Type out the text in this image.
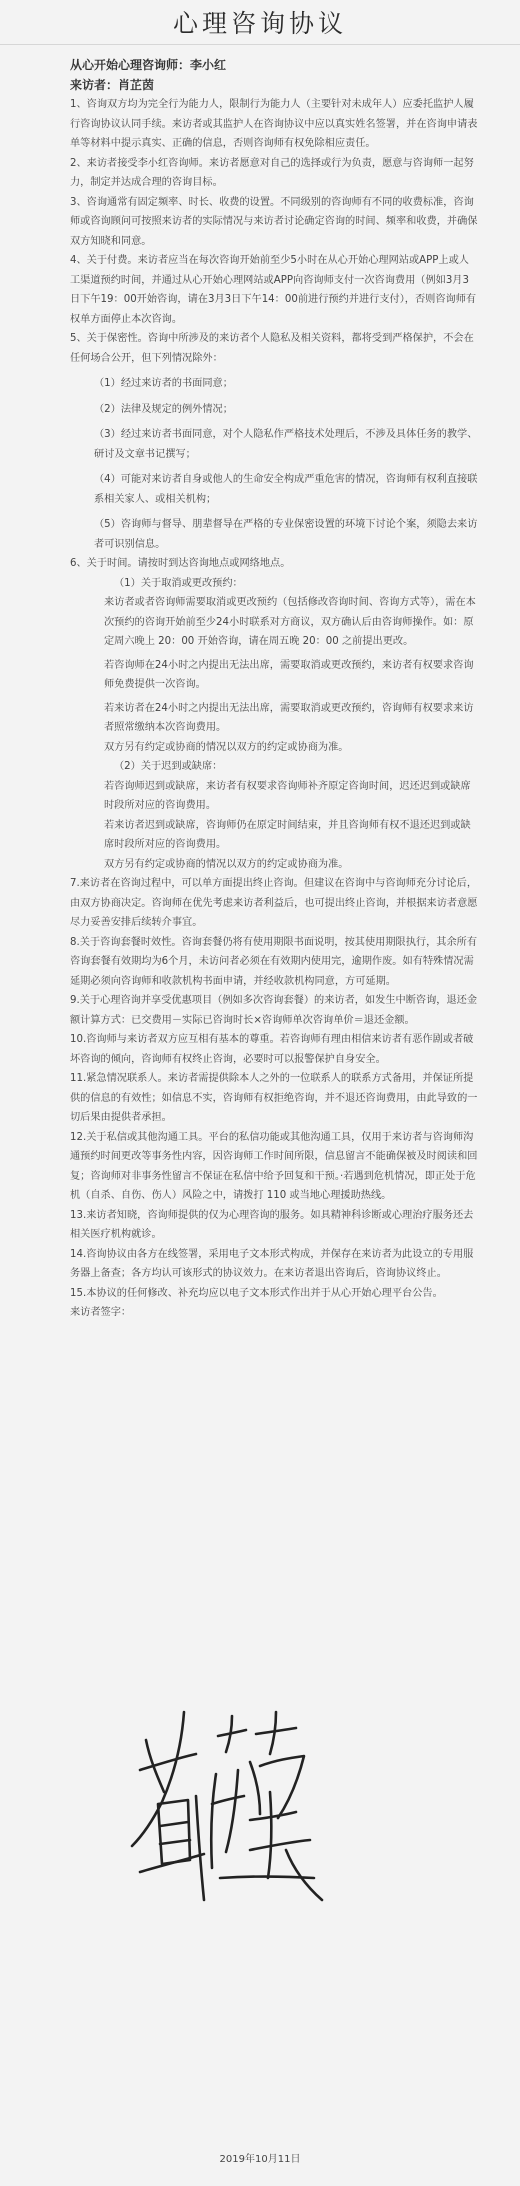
心理咨询协议

从心开始心理咨询师：李小红

来访者：肖芷茵

1、咨询双方均为完全行为能力人，限制行为能力人（主要针对未成年人）应委托监护人履行咨询协议认同手续。来访者或其监护人在咨询协议中应以真实姓名签署，并在咨询申请表单等材料中提示真实、正确的信息，否则咨询师有权免除相应责任。

2、来访者接受李小红咨询师。来访者愿意对自己的选择或行为负责，愿意与咨询师一起努力，制定并达成合理的咨询目标。

3、咨询通常有固定频率、时长、收费的设置。不同级别的咨询师有不同的收费标准，咨询师或咨询顾问可按照来访者的实际情况与来访者讨论确定咨询的时间、频率和收费，并确保双方知晓和同意。

4、关于付费。来访者应当在每次咨询开始前至少5小时在从心开始心理网站或APP上或人工渠道预约时间，并通过从心开始心理网站或APP向咨询师支付一次咨询费用（例如3月3日下午19：00开始咨询，请在3月3日下午14：00前进行预约并进行支付），否则咨询师有权单方面停止本次咨询。

5、关于保密性。咨询中所涉及的来访者个人隐私及相关资料，都将受到严格保护，不会在任何场合公开，但下列情况除外：

（1）经过来访者的书面同意；

（2）法律及规定的例外情况；

（3）经过来访者书面同意，对个人隐私作严格技术处理后，不涉及具体任务的教学、研讨及文章书记撰写；

（4）可能对来访者自身或他人的生命安全构成严重危害的情况，咨询师有权利直接联系相关家人、或相关机构；

（5）咨询师与督导、朋辈督导在严格的专业保密设置的环境下讨论个案，须隐去来访者可识别信息。

6、关于时间。请按时到达咨询地点或网络地点。

（1）关于取消或更改预约：

来访者或者咨询师需要取消或更改预约（包括修改咨询时间、咨询方式等），需在本次预约的咨询开始前至少24小时联系对方商议，双方确认后由咨询师操作。如：原定周六晚上 20：00 开始咨询，请在周五晚 20：00 之前提出更改。

若咨询师在24小时之内提出无法出席，需要取消或更改预约，来访者有权要求咨询师免费提供一次咨询。

若来访者在24小时之内提出无法出席，需要取消或更改预约，咨询师有权要求来访者照常缴纳本次咨询费用。

双方另有约定或协商的情况以双方的约定或协商为准。

（2）关于迟到或缺席：

若咨询师迟到或缺席，来访者有权要求咨询师补齐原定咨询时间，迟还迟到或缺席时段所对应的咨询费用。

若来访者迟到或缺席，咨询师仍在原定时间结束，并且咨询师有权不退还迟到或缺席时段所对应的咨询费用。

双方另有约定或协商的情况以双方的约定或协商为准。

7.来访者在咨询过程中，可以单方面提出终止咨询。但建议在咨询中与咨询师充分讨论后，由双方协商决定。咨询师在优先考虑来访者利益后，也可提出终止咨询，并根据来访者意愿尽力妥善安排后续转介事宜。

8.关于咨询套餐时效性。咨询套餐仍将有使用期限书面说明，按其使用期限执行，其余所有咨询套餐有效期均为6个月，未访问者必须在有效期内使用完，逾期作废。如有特殊情况需延期必须向咨询师和收款机构书面申请，并经收款机构同意，方可延期。

9.关于心理咨询并享受优惠项目（例如多次咨询套餐）的来访者，如发生中断咨询，退还金额计算方式：已交费用－实际已咨询时长×咨询师单次咨询单价＝退还金额。

10.咨询师与来访者双方应互相有基本的尊重。若咨询师有理由相信来访者有恶作剧或者破坏咨询的倾向，咨询师有权终止咨询，必要时可以报警保护自身安全。

11.紧急情况联系人。来访者需提供除本人之外的一位联系人的联系方式备用，并保证所提供的信息的有效性；如信息不实，咨询师有权拒绝咨询，并不退还咨询费用，由此导致的一切后果由提供者承担。

12.关于私信或其他沟通工具。平台的私信功能或其他沟通工具，仅用于来访者与咨询师沟通预约时间更改等事务性内容，因咨询师工作时间所限，信息留言不能确保被及时阅读和回复；咨询师对非事务性留言不保证在私信中给予回复和干预。·若遇到危机情况，即正处于危机（自杀、自伤、伤人）风险之中，请拨打 110 或当地心理援助热线。

13.来访者知晓，咨询师提供的仅为心理咨询的服务。如具精神科诊断或心理治疗服务还去相关医疗机构就诊。

14.咨询协议由各方在线签署，采用电子文本形式构成，并保存在来访者为此设立的专用服务器上备查；各方均认可该形式的协议效力。在来访者退出咨询后，咨询协议终止。

15.本协议的任何修改、补充均应以电子文本形式作出并于从心开始心理平台公告。

来访者签字：

2019年10月11日
